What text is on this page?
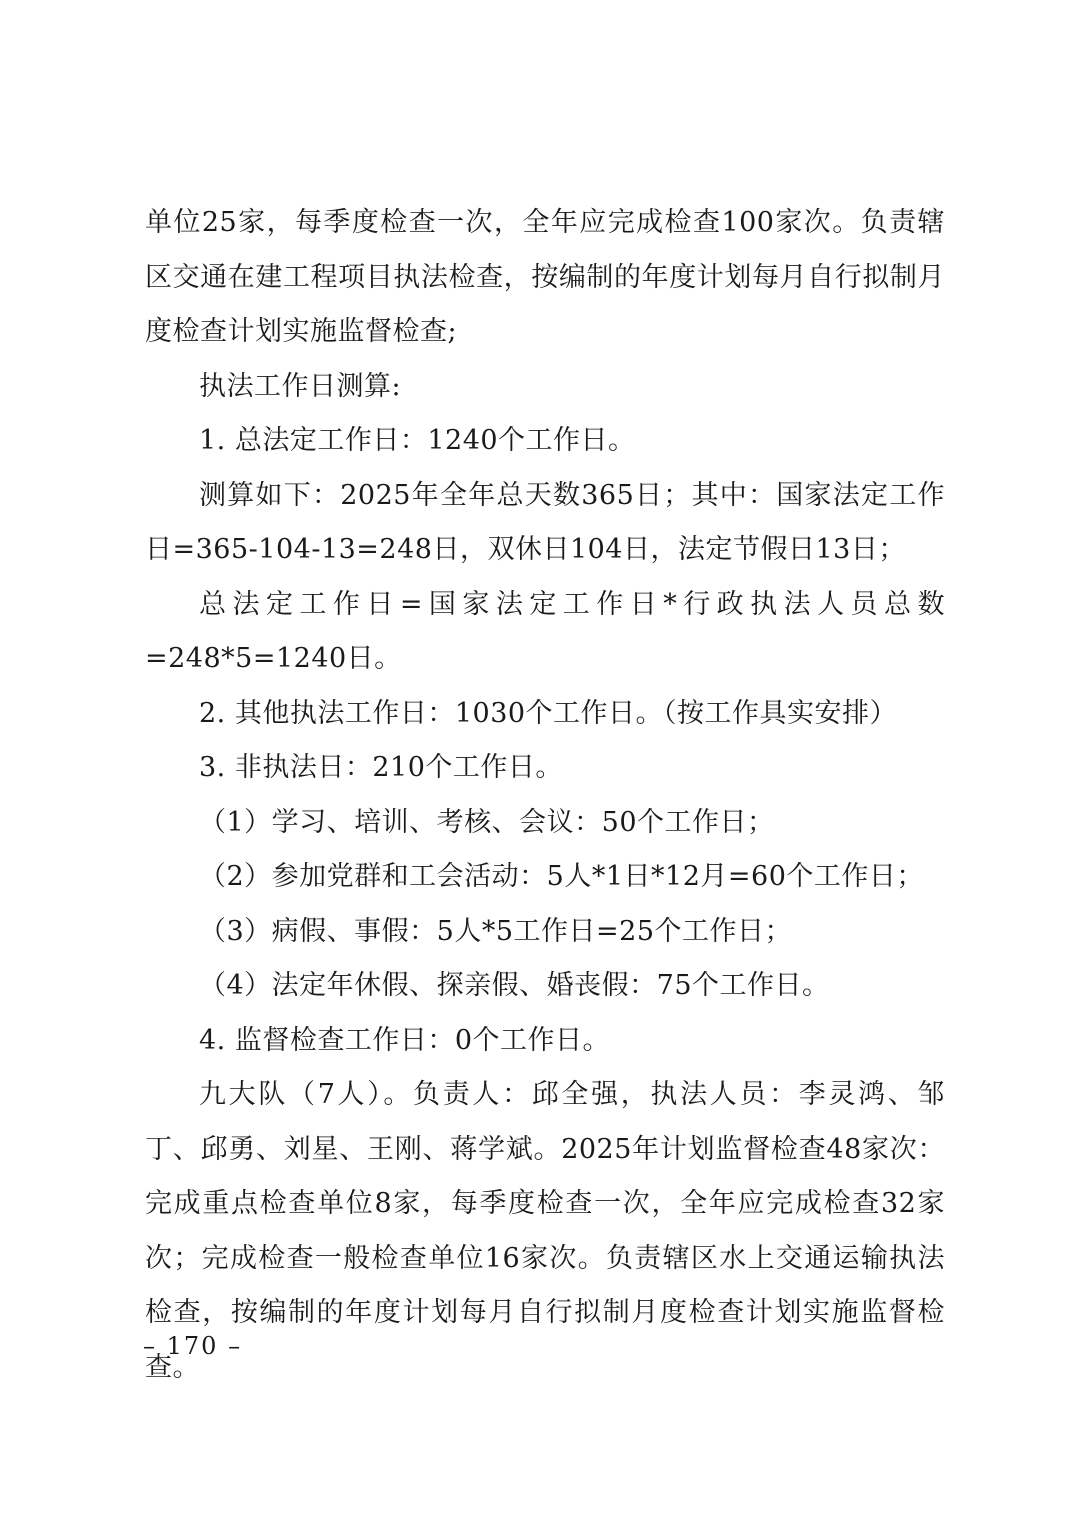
单位25家，每季度检查一次，全年应完成检查100家次。负责辖区交通在建工程项目执法检查，按编制的年度计划每月自行拟制月度检查计划实施监督检查;

执法工作日测算:

1. 总法定工作日：1240个工作日。

测算如下：2025年全年总天数365日；其中：国家法定工作日=365-104-13=248日，双休日104日，法定节假日13日；

总法定工作日=国家法定工作日*行政执法人员总数=248*5=1240日。

2. 其他执法工作日：1030个工作日。（按工作具实安排）

3. 非执法日：210个工作日。

（1）学习、培训、考核、会议：50个工作日；

（2）参加党群和工会活动：5人*1日*12月=60个工作日；

（3）病假、事假：5人*5工作日=25个工作日；

（4）法定年休假、探亲假、婚丧假：75个工作日。

4. 监督检查工作日：0个工作日。

九大队（7人）。负责人：邱全强，执法人员：李灵鸿、邹丁、邱勇、刘星、王刚、蒋学斌。2025年计划监督检查48家次：完成重点检查单位8家，每季度检查一次，全年应完成检查32家次；完成检查一般检查单位16家次。负责辖区水上交通运输执法检查，按编制的年度计划每月自行拟制月度检查计划实施监督检查。

– 170 –
